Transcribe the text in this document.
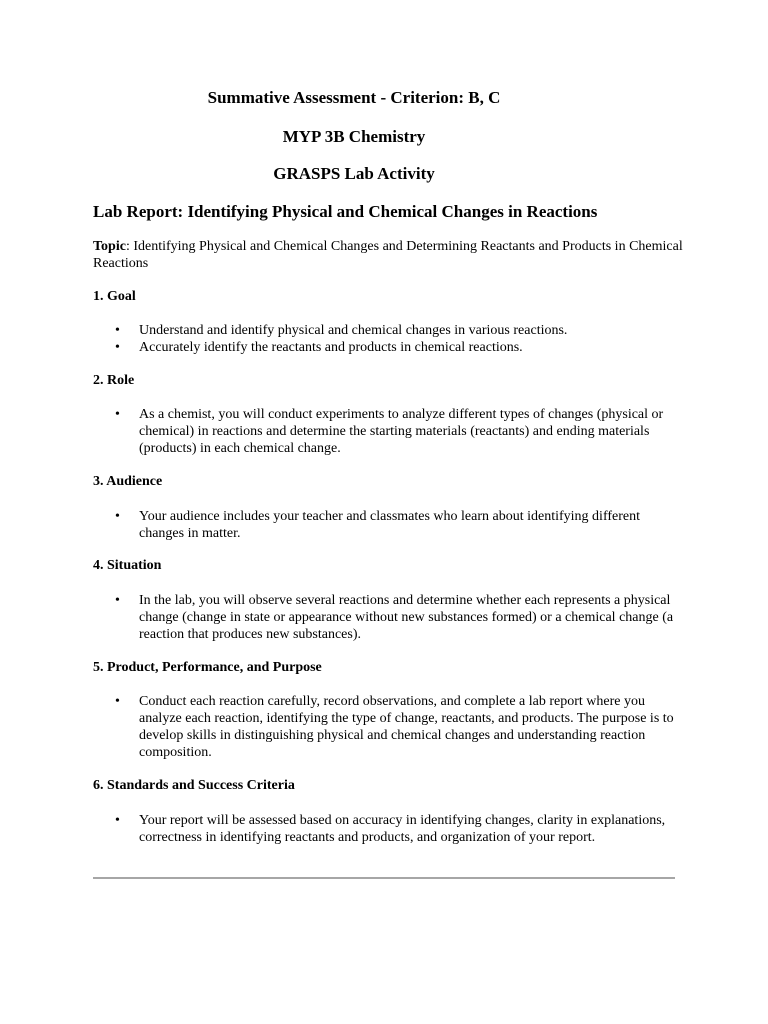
Summative Assessment - Criterion: B, C

MYP 3B Chemistry

GRASPS Lab Activity

Lab Report: Identifying Physical and Chemical Changes in Reactions

Topic: Identifying Physical and Chemical Changes and Determining Reactants and Products in Chemical Reactions

1. Goal

• Understand and identify physical and chemical changes in various reactions.
• Accurately identify the reactants and products in chemical reactions.

2. Role

• As a chemist, you will conduct experiments to analyze different types of changes (physical or chemical) in reactions and determine the starting materials (reactants) and ending materials (products) in each chemical change.

3. Audience

• Your audience includes your teacher and classmates who learn about identifying different changes in matter.

4. Situation

• In the lab, you will observe several reactions and determine whether each represents a physical change (change in state or appearance without new substances formed) or a chemical change (a reaction that produces new substances).

5. Product, Performance, and Purpose

• Conduct each reaction carefully, record observations, and complete a lab report where you analyze each reaction, identifying the type of change, reactants, and products. The purpose is to develop skills in distinguishing physical and chemical changes and understanding reaction composition.

6. Standards and Success Criteria

• Your report will be assessed based on accuracy in identifying changes, clarity in explanations, correctness in identifying reactants and products, and organization of your report.
